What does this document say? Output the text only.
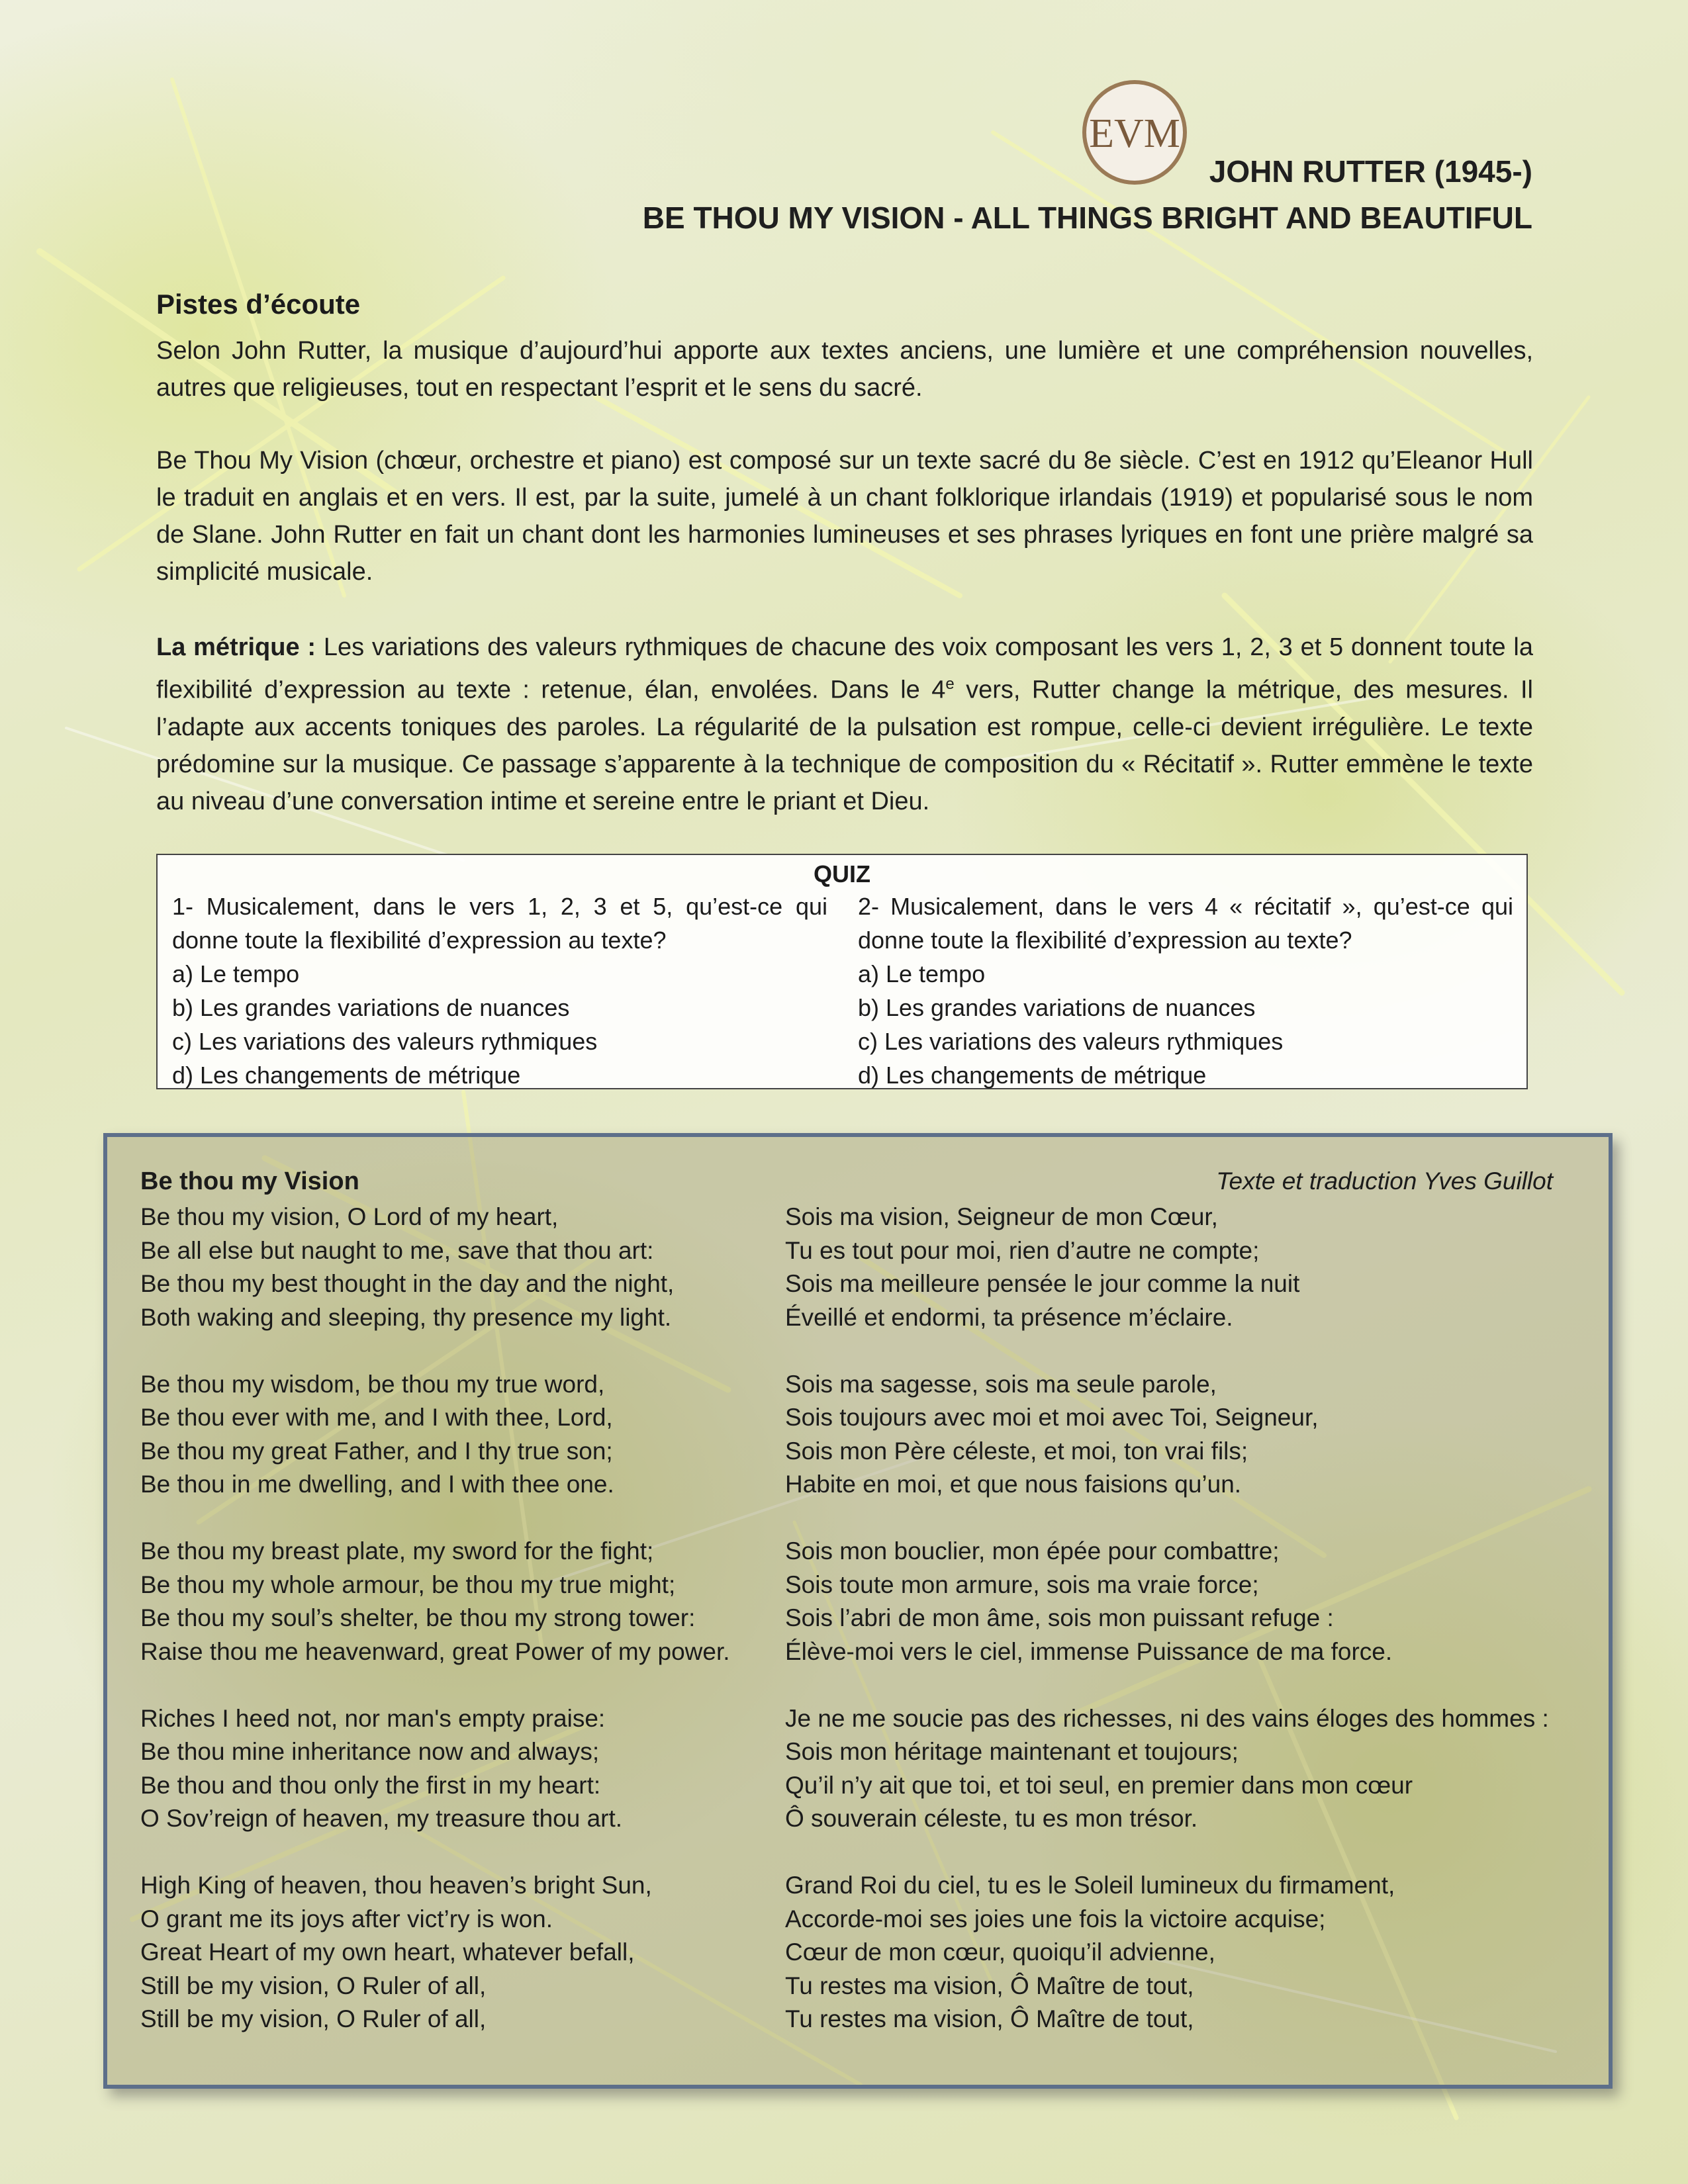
EVM
JOHN RUTTER (1945-)
BE THOU MY VISION - ALL THINGS BRIGHT AND BEAUTIFUL
Pistes d’écoute
Selon John Rutter, la musique d’aujourd’hui apporte aux textes anciens, une lumière et une compréhension nouvelles, autres que religieuses, tout en respectant l’esprit et le sens du sacré.
Be Thou My Vision (chœur, orchestre et piano) est composé sur un texte sacré du 8e siècle. C’est en 1912 qu’Eleanor Hull le traduit en anglais et en vers. Il est, par la suite, jumelé à un chant folklorique irlandais (1919) et popularisé sous le nom de Slane. John Rutter en fait un chant dont les harmonies lumineuses et ses phrases lyriques en font une prière malgré sa simplicité musicale.
La métrique : Les variations des valeurs rythmiques de chacune des voix composant les vers 1, 2, 3 et 5 donnent toute la flexibilité d’expression au texte : retenue, élan, envolées. Dans le 4e vers, Rutter change la métrique, des mesures. Il l’adapte aux accents toniques des paroles. La régularité de la pulsation est rompue, celle-ci devient irrégulière. Le texte prédomine sur la musique. Ce passage s’apparente à la technique de composition du « Récitatif ». Rutter emmène le texte au niveau d’une conversation intime et sereine entre le priant et Dieu.
QUIZ
1- Musicalement, dans le vers 1, 2, 3 et 5, qu’est-ce qui donne toute la flexibilité d’expression au texte?
a) Le tempo
b) Les grandes variations de nuances
c) Les variations des valeurs rythmiques
d) Les changements de métrique
2- Musicalement, dans le vers 4 « récitatif », qu’est-ce qui donne toute la flexibilité d’expression au texte?
a) Le tempo
b) Les grandes variations de nuances
c) Les variations des valeurs rythmiques
d) Les changements de métrique
Be thou my Vision	Texte et traduction Yves Guillot
Be thou my vision, O Lord of my heart,
Be all else but naught to me, save that thou art:
Be thou my best thought in the day and the night,
Both waking and sleeping, thy presence my light.
Be thou my wisdom, be thou my true word,
Be thou ever with me, and I with thee, Lord,
Be thou my great Father, and I thy true son;
Be thou in me dwelling, and I with thee one.
Be thou my breast plate, my sword for the fight;
Be thou my whole armour, be thou my true might;
Be thou my soul’s shelter, be thou my strong tower:
Raise thou me heavenward, great Power of my power.
Riches I heed not, nor man's empty praise:
Be thou mine inheritance now and always;
Be thou and thou only the first in my heart:
O Sov’reign of heaven, my treasure thou art.
High King of heaven, thou heaven’s bright Sun,
O grant me its joys after vict’ry is won.
Great Heart of my own heart, whatever befall,
Still be my vision, O Ruler of all,
Still be my vision, O Ruler of all,
Sois ma vision, Seigneur de mon Cœur,
Tu es tout pour moi, rien d’autre ne compte;
Sois ma meilleure pensée le jour comme la nuit
Éveillé et endormi, ta présence m’éclaire.
Sois ma sagesse, sois ma seule parole,
Sois toujours avec moi et moi avec Toi, Seigneur,
Sois mon Père céleste, et moi, ton vrai fils;
Habite en moi, et que nous faisions qu’un.
Sois mon bouclier, mon épée pour combattre;
Sois toute mon armure, sois ma vraie force;
Sois l’abri de mon âme, sois mon puissant refuge :
Élève-moi vers le ciel, immense Puissance de ma force.
Je ne me soucie pas des richesses, ni des vains éloges des hommes :
Sois mon héritage maintenant et toujours;
Qu’il n’y ait que toi, et toi seul, en premier dans mon cœur
Ô souverain céleste, tu es mon trésor.
Grand Roi du ciel, tu es le Soleil lumineux du firmament,
Accorde-moi ses joies une fois la victoire acquise;
Cœur de mon cœur, quoiqu’il advienne,
Tu restes ma vision, Ô Maître de tout,
Tu restes ma vision, Ô Maître de tout,
